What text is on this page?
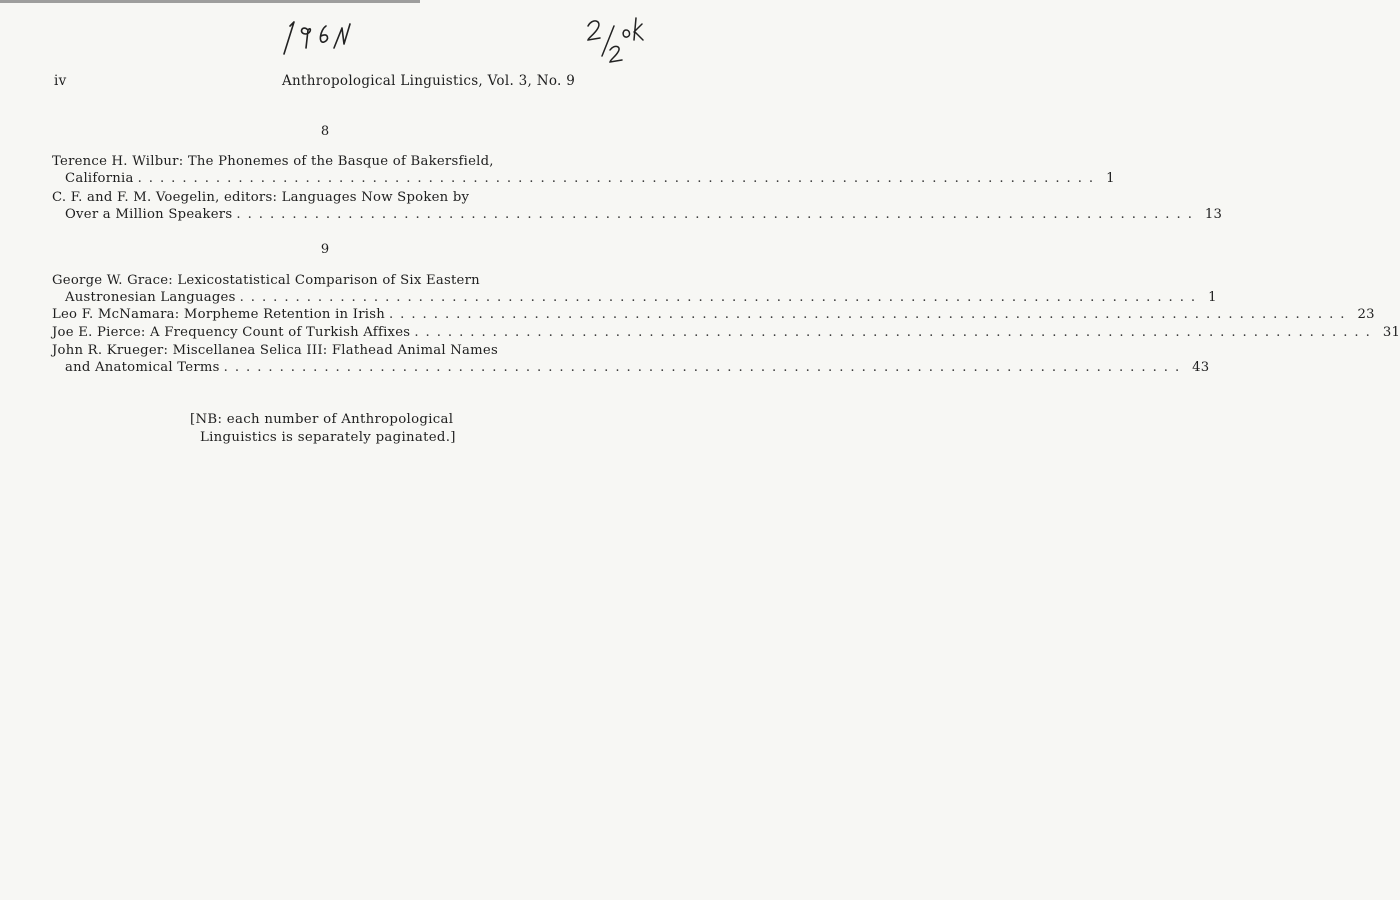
iv	Anthropological Linguistics, Vol. 3, No. 9
8
Terence H. Wilbur: The Phonemes of the Basque of Bakersfield,
California ...................................................................................... 1
C. F. and F. M. Voegelin, editors: Languages Now Spoken by
Over a Million Speakers ...................................................................................... 13
9
George W. Grace: Lexicostatistical Comparison of Six Eastern
Austronesian Languages ...................................................................................... 1
Leo F. McNamara: Morpheme Retention in Irish ...................................................................................... 23
Joe E. Pierce: A Frequency Count of Turkish Affixes ...................................................................................... 31
John R. Krueger: Miscellanea Selica III: Flathead Animal Names
and Anatomical Terms ...................................................................................... 43
[NB: each number of Anthropological
Linguistics is separately paginated.]
